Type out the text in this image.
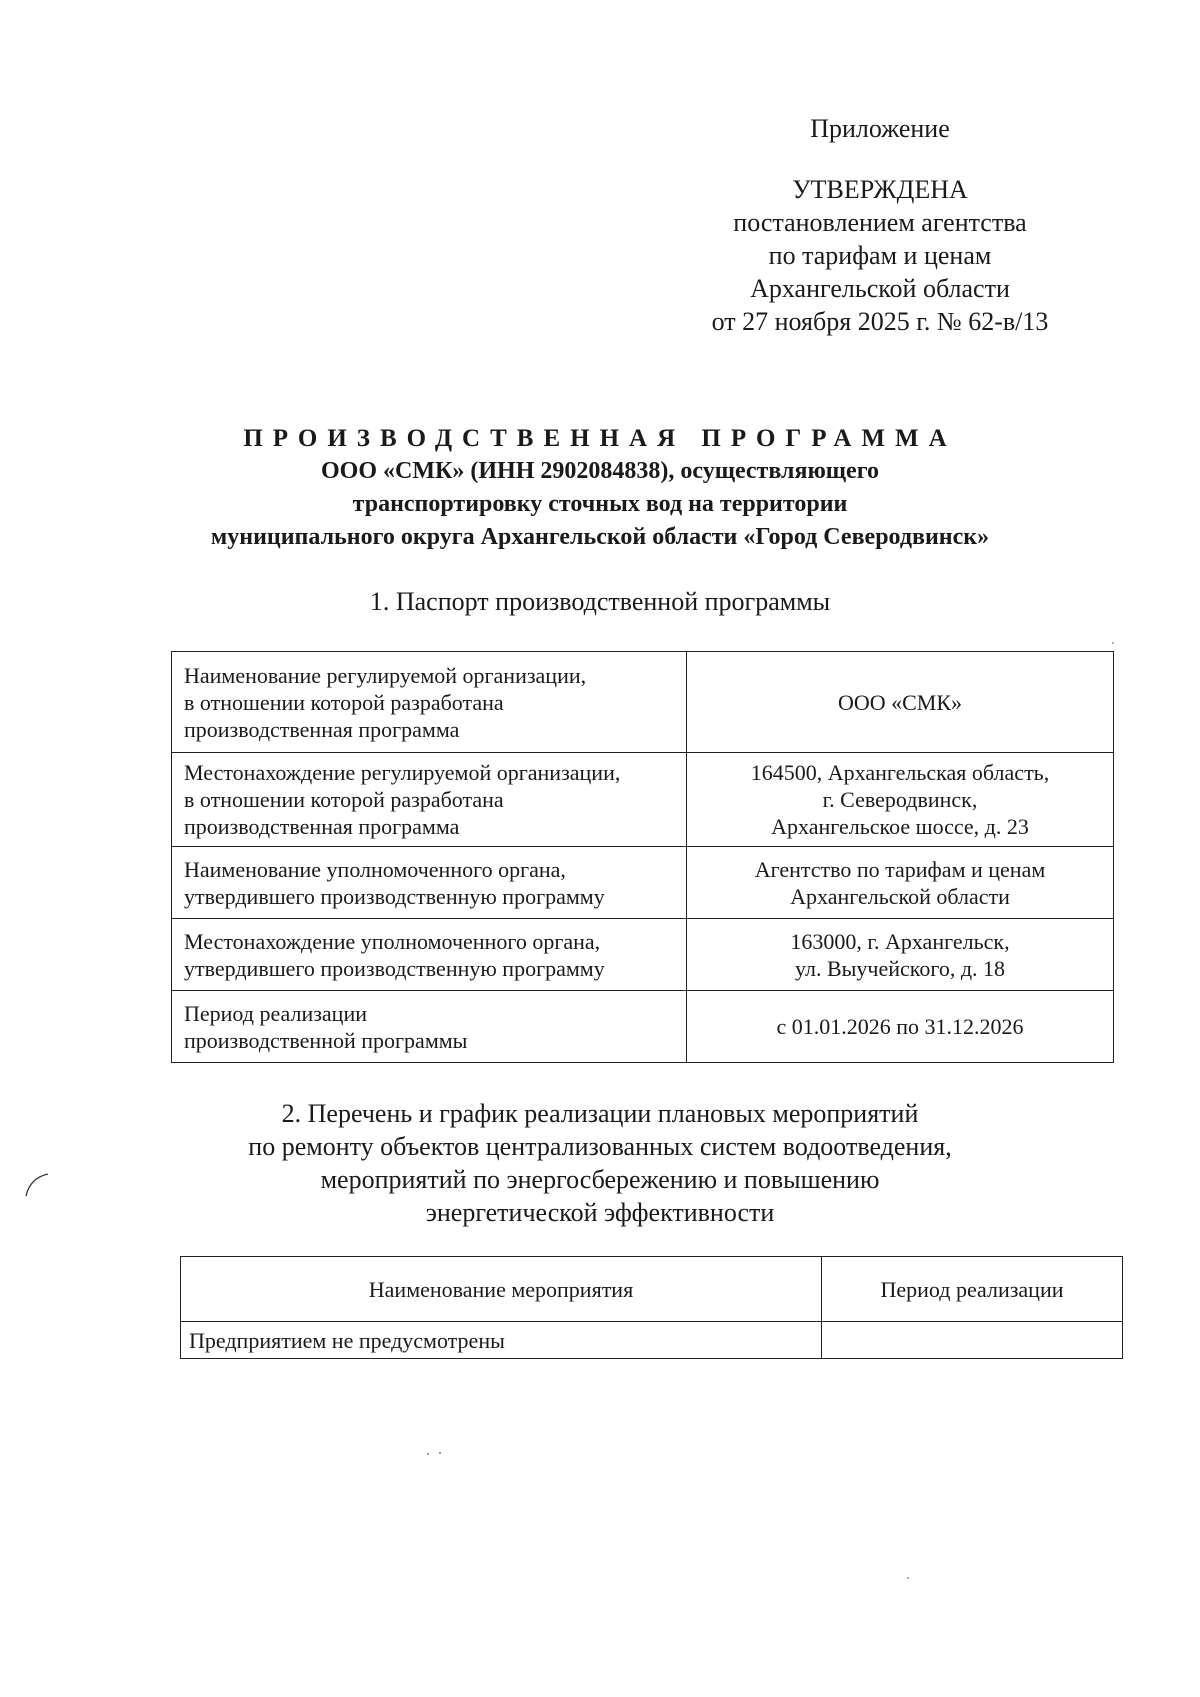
Приложение
УТВЕРЖДЕНА
постановлением агентства
по тарифам и ценам
Архангельской области
от 27 ноября 2025 г. № 62-в/13
ПРОИЗВОДСТВЕННАЯ ПРОГРАММА
ООО «СМК» (ИНН 2902084838), осуществляющего
транспортировку сточных вод на территории
муниципального округа Архангельской области «Город Северодвинск»
1. Паспорт производственной программы
Наименование регулируемой организации,
в отношении которой разработана
производственная программа	ООО «СМК»

Местонахождение регулируемой организации,
в отношении которой разработана
производственная программа	164500, Архангельская область,
г. Северодвинск,
Архангельское шоссе, д. 23

Наименование уполномоченного органа,
утвердившего производственную программу	Агентство по тарифам и ценам
Архангельской области

Местонахождение уполномоченного органа,
утвердившего производственную программу	163000, г. Архангельск,
ул. Выучейского, д. 18

Период реализации
производственной программы	с 01.01.2026 по 31.12.2026
2. Перечень и график реализации плановых мероприятий
по ремонту объектов централизованных систем водоотведения,
мероприятий по энергосбережению и повышению
энергетической эффективности
Наименование мероприятия	Период реализации
Предприятием не предусмотрены	
